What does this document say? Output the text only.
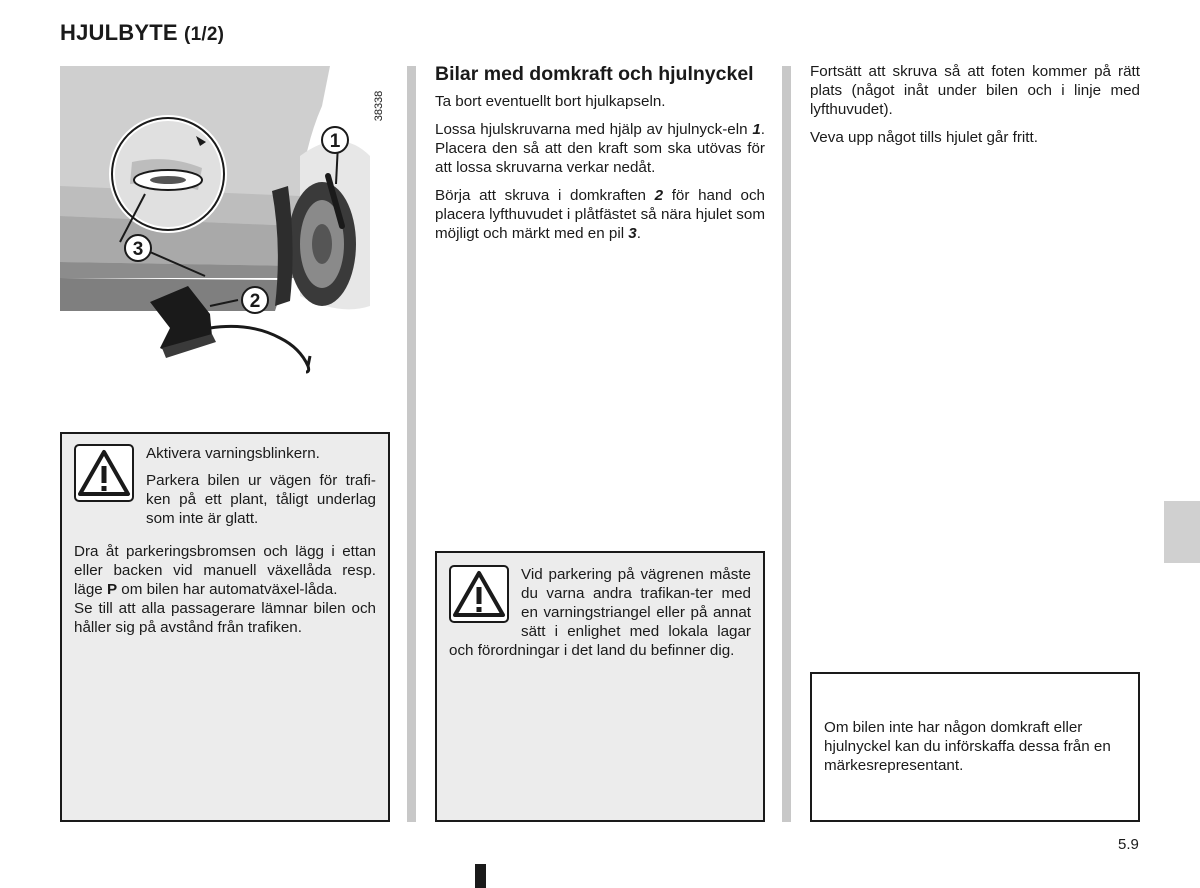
HJULBYTE (1/2)
1
2
3
38338

Aktivera varningsblinkern.

Parkera bilen ur vägen för trafi-ken på ett plant, tåligt underlag som inte är glatt.

Dra åt parkeringsbromsen och lägg i ettan eller backen vid manuell växellåda resp. läge P om bilen har automatväxel-låda.

Se till att alla passagerare lämnar bilen och håller sig på avstånd från trafiken.

Bilar med domkraft och hjulnyckel

Ta bort eventuellt bort hjulkapseln.

Lossa hjulskruvarna med hjälp av hjulnyck-eln 1. Placera den så att den kraft som ska utövas för att lossa skruvarna verkar nedåt.

Börja att skruva i domkraften 2 för hand och placera lyfthuvudet i plåtfästet så nära hjulet som möjligt och märkt med en pil 3.

Vid parkering på vägrenen måste du varna andra trafikan-ter med en varningstriangel eller på annat sätt i enlighet med lokala lagar och förordningar i det land du befinner dig.

Fortsätt att skruva så att foten kommer på rätt plats (något inåt under bilen och i linje med lyfthuvudet).

Veva upp något tills hjulet går fritt.

Om bilen inte har någon domkraft eller hjulnyckel kan du införskaffa dessa från en märkesrepresentant.

5.9
